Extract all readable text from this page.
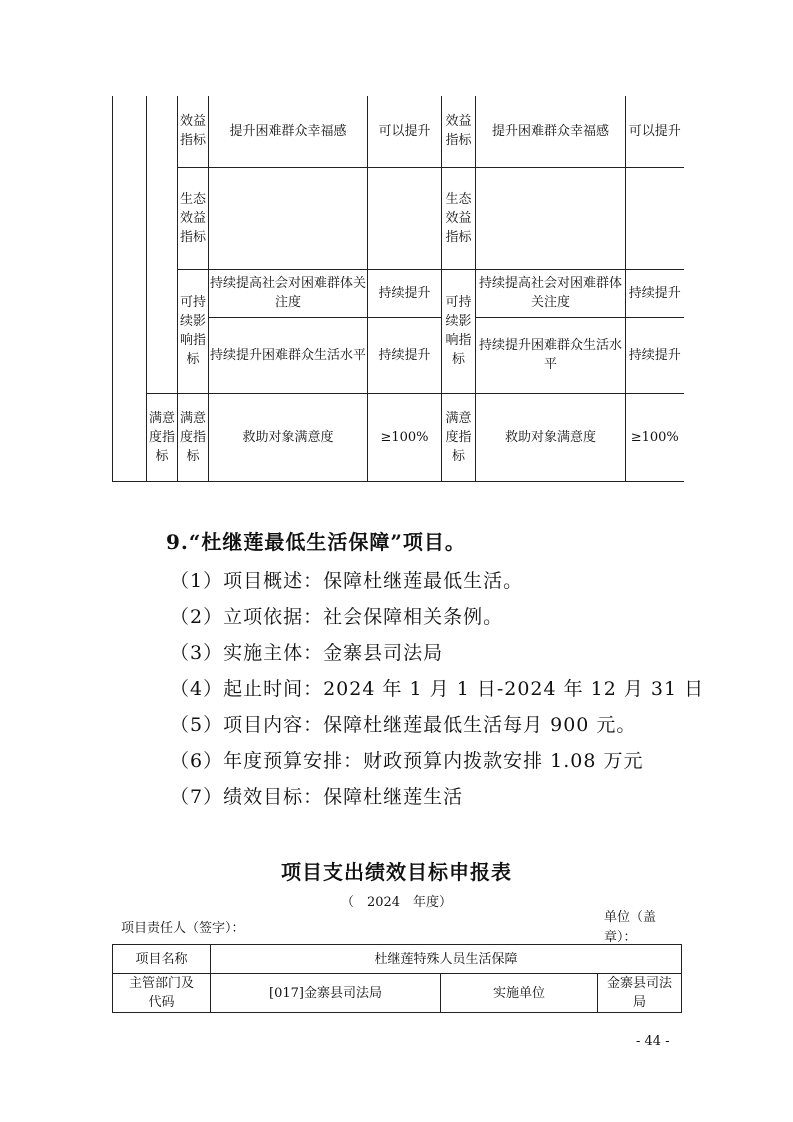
		效益指标	提升困难群众幸福感	可以提升	效益指标	提升困难群众幸福感	可以提升
		生态效益指标			生态效益指标		
		可持续影响指标	持续提高社会对困难群体关注度	持续提升	可持续影响指标	持续提高社会对困难群体关注度	持续提升
			持续提升困难群众生活水平	持续提升		持续提升困难群众生活水平	持续提升
	满意度指标	满意度指标	救助对象满意度	≥100%	满意度指标	救助对象满意度	≥100%
9.“杜继莲最低生活保障”项目。
（1）项目概述：保障杜继莲最低生活。
（2）立项依据：社会保障相关条例。
（3）实施主体：金寨县司法局
（4）起止时间：2024 年 1 月 1 日-2024 年 12 月 31 日
（5）项目内容：保障杜继莲最低生活每月 900 元。
（6）年度预算安排：财政预算内拨款安排 1.08 万元
（7）绩效目标：保障杜继莲生活
项目支出绩效目标申报表
（　2024　年度）
项目责任人（签字）：
单位（盖章）：
项目名称	杜继莲特殊人员生活保障		
主管部门及代码	[017]金寨县司法局	实施单位	金寨县司法局
- 44 -
